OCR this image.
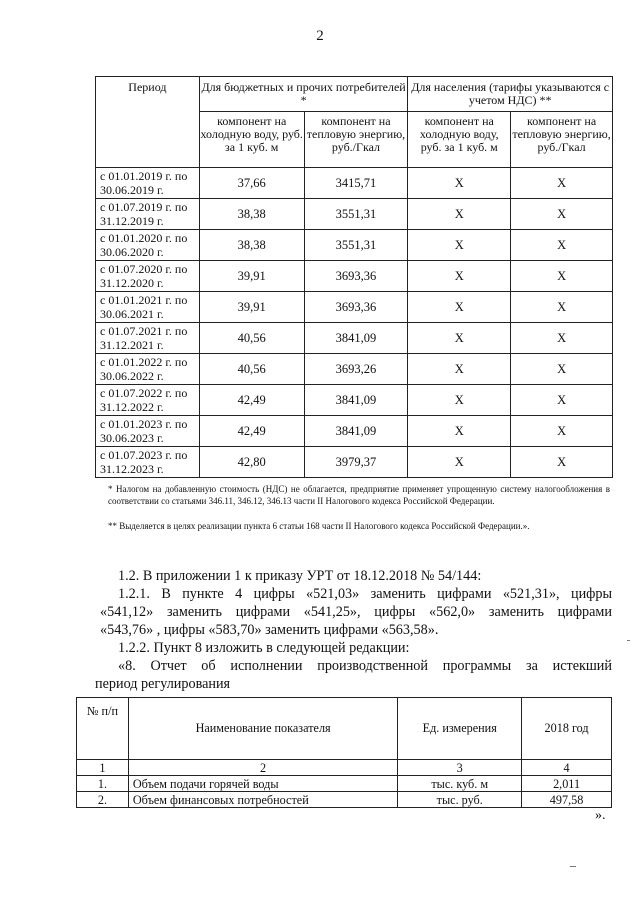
2
Период	Для бюджетных и прочих потребителей *		Для населения (тарифы указываются с учетом НДС) **	
	компонент на холодную воду, руб. за 1 куб. м	компонент на тепловую энергию, руб./Гкал	компонент на холодную воду, руб. за 1 куб. м	компонент на тепловую энергию, руб./Гкал
с 01.01.2019 г. по 30.06.2019 г.	37,66	3415,71	Х	Х
с 01.07.2019 г. по 31.12.2019 г.	38,38	3551,31	Х	Х
с 01.01.2020 г. по 30.06.2020 г.	38,38	3551,31	Х	Х
с 01.07.2020 г. по 31.12.2020 г.	39,91	3693,36	Х	Х
с 01.01.2021 г. по 30.06.2021 г.	39,91	3693,36	Х	Х
с 01.07.2021 г. по 31.12.2021 г.	40,56	3841,09	Х	Х
с 01.01.2022 г. по 30.06.2022 г.	40,56	3693,26	Х	Х
с 01.07.2022 г. по 31.12.2022 г.	42,49	3841,09	Х	Х
с 01.01.2023 г. по 30.06.2023 г.	42,49	3841,09	Х	Х
с 01.07.2023 г. по 31.12.2023 г.	42,80	3979,37	Х	Х
* Налогом на добавленную стоимость (НДС) не облагается, предприятие применяет упрощенную систему налогообложения в соответствии со статьями 346.11, 346.12, 346.13 части II Налогового кодекса Российской Федерации.
** Выделяется в целях реализации пункта 6 статьи 168 части II Налогового кодекса Российской Федерации.».
1.2. В приложении 1 к приказу УРТ от 18.12.2018 № 54/144:
1.2.1. В пункте 4 цифры «521,03» заменить цифрами «521,31», цифры
«541,12» заменить цифрами «541,25», цифры «562,0» заменить цифрами
«543,76» , цифры «583,70» заменить цифрами «563,58».
1.2.2. Пункт 8 изложить в следующей редакции:
«8. Отчет об исполнении производственной программы за истекший
период регулирования
№ п/п	Наименование показателя	Ед. измерения	2018 год
1	2	3	4
1.	Объем подачи горячей воды	тыс. куб. м	2,011
2.	Объем финансовых потребностей	тыс. руб.	497,58
».
